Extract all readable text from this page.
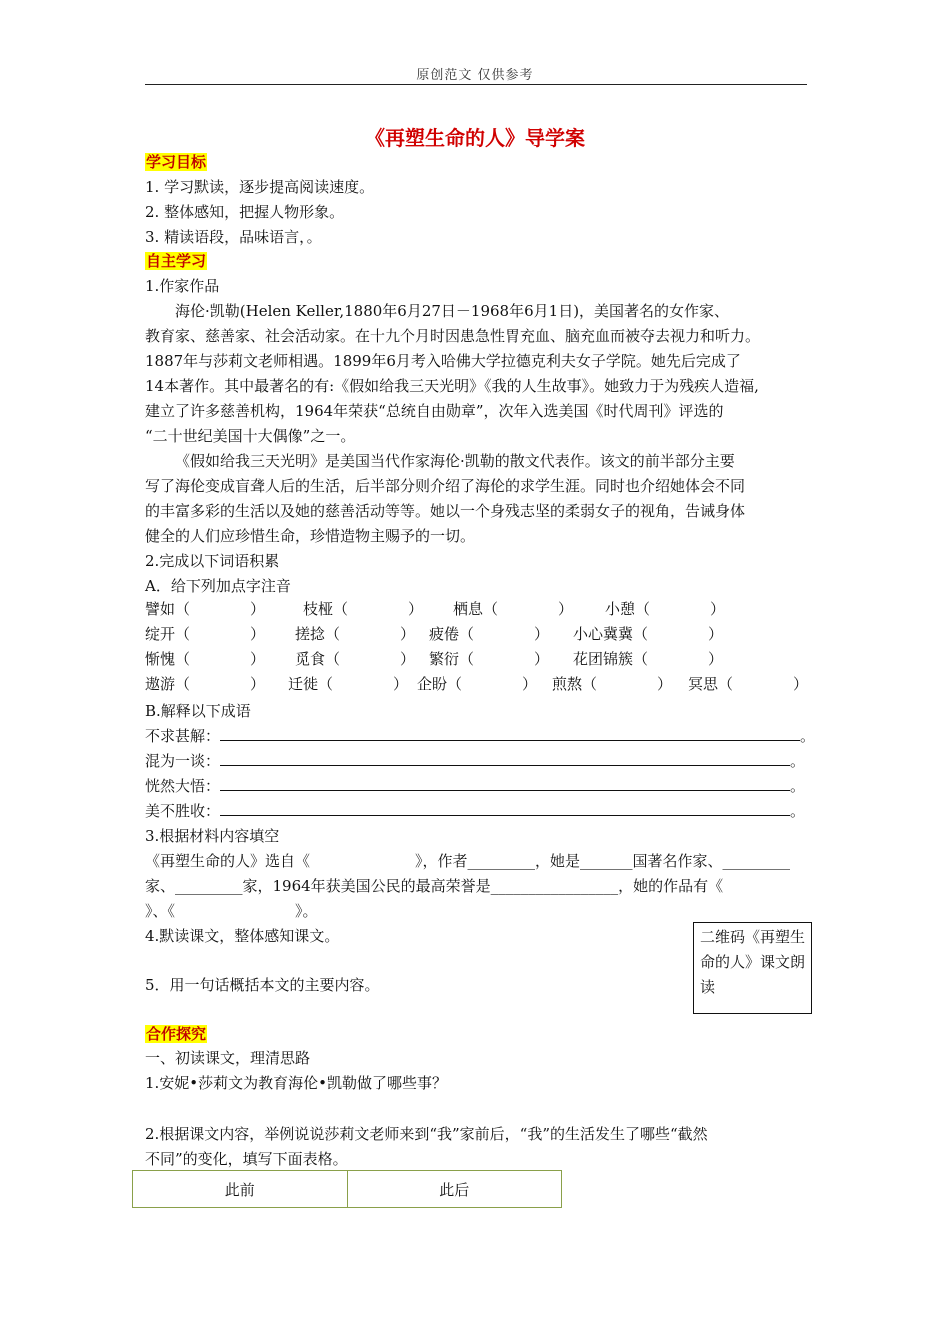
原创范文 仅供参考
《再塑生命的人》导学案
学习目标
1. 学习默读，逐步提高阅读速度。
2. 整体感知，把握人物形象。
3. 精读语段，品味语言，。
自主学习
1.作家作品
海伦·凯勒(Helen Keller,1880年6月27日－1968年6月1日)，美国著名的女作家、
教育家、慈善家、社会活动家。在十九个月时因患急性胃充血、脑充血而被夺去视力和听力。
1887年与莎莉文老师相遇。1899年6月考入哈佛大学拉德克利夫女子学院。她先后完成了
14本著作。其中最著名的有:《假如给我三天光明》《我的人生故事》。她致力于为残疾人造福,
建立了许多慈善机构，1964年荣获“总统自由勋章”，次年入选美国《时代周刊》评选的
“二十世纪美国十大偶像”之一。
《假如给我三天光明》是美国当代作家海伦·凯勒的散文代表作。该文的前半部分主要
写了海伦变成盲聋人后的生活，后半部分则介绍了海伦的求学生涯。同时也介绍她体会不同
的丰富多彩的生活以及她的慈善活动等等。她以一个身残志坚的柔弱女子的视角，告诫身体
健全的人们应珍惜生命，珍惜造物主赐予的一切。
2.完成以下词语积累
A．给下列加点字注音
譬如（　　　　）	枝桠（　　　　） 栖息（　　　　） 小憩（　　　　）
绽开（　　　　） 搓捻（　　　　） 疲倦（　　　　） 小心冀冀（　　　　）
惭愧（　　　　） 觅食（　　　　） 繁衍（　　　　） 花团锦簇（　　　　）
遨游（　　　　） 迁徙（　　　　） 企盼（　　　　） 煎熬（　　　　） 冥思（　　　　）
B.解释以下成语
不求甚解：	。
混为一谈：	。
恍然大悟：	。
美不胜收：	。
3.根据材料内容填空
《再塑生命的人》选自《　　　　　　　》，作者_________，她是_______国著名作家、_________
家、_________家，1964年获美国公民的最高荣誉是_________________，她的作品有《
》、《　　　　　　　　》。
4.默读课文，整体感知课文。
5．用一句话概括本文的主要内容。
二维码《再塑生命的人》课文朗读
合作探究
一、初读课文，理清思路
1.安妮•莎莉文为教育海伦•凯勒做了哪些事？
2.根据课文内容，举例说说莎莉文老师来到“我”家前后，“我”的生活发生了哪些“截然
不同”的变化，填写下面表格。
此前	此后
